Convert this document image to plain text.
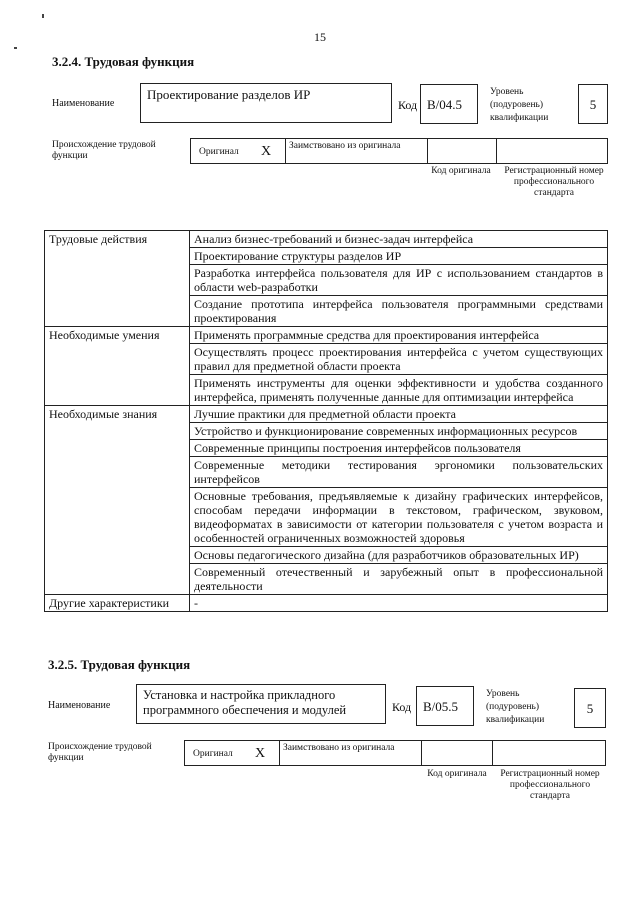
15
3.2.4. Трудовая функция
Наименование
Проектирование разделов ИР
Код В/04.5
Уровень (подуровень) квалификации
5
Происхождение трудовой функции	Оригинал X	Заимствовано из оригинала
Код оригинала	Регистрационный номер профессионального стандарта
Трудовые действия	Анализ бизнес-требований и бизнес-задач интерфейса
	Проектирование структуры разделов ИР
	Разработка интерфейса пользователя для ИР с использованием стандартов в области web-разработки
	Создание прототипа интерфейса пользователя программными средствами проектирования
Необходимые умения	Применять программные средства для проектирования интерфейса
	Осуществлять процесс проектирования интерфейса с учетом существующих правил для предметной области проекта
	Применять инструменты для оценки эффективности и удобства созданного интерфейса, применять полученные данные для оптимизации интерфейса
Необходимые знания	Лучшие практики для предметной области проекта
	Устройство и функционирование современных информационных ресурсов
	Современные принципы построения интерфейсов пользователя
	Современные методики тестирования эргономики пользовательских интерфейсов
	Основные требования, предъявляемые к дизайну графических интерфейсов, способам передачи информации в текстовом, графическом, звуковом, видеоформатах в зависимости от категории пользователя с учетом возраста и особенностей ограниченных возможностей здоровья
	Основы педагогического дизайна (для разработчиков образовательных ИР)
	Современный отечественный и зарубежный опыт в профессиональной деятельности
Другие характеристики	-
3.2.5. Трудовая функция
Наименование
Установка и настройка прикладного программного обеспечения и модулей	Код В/05.5
Уровень (подуровень) квалификации
5
Происхождение трудовой функции	Оригинал X	Заимствовано из оригинала
Код оригинала	Регистрационный номер профессионального стандарта
